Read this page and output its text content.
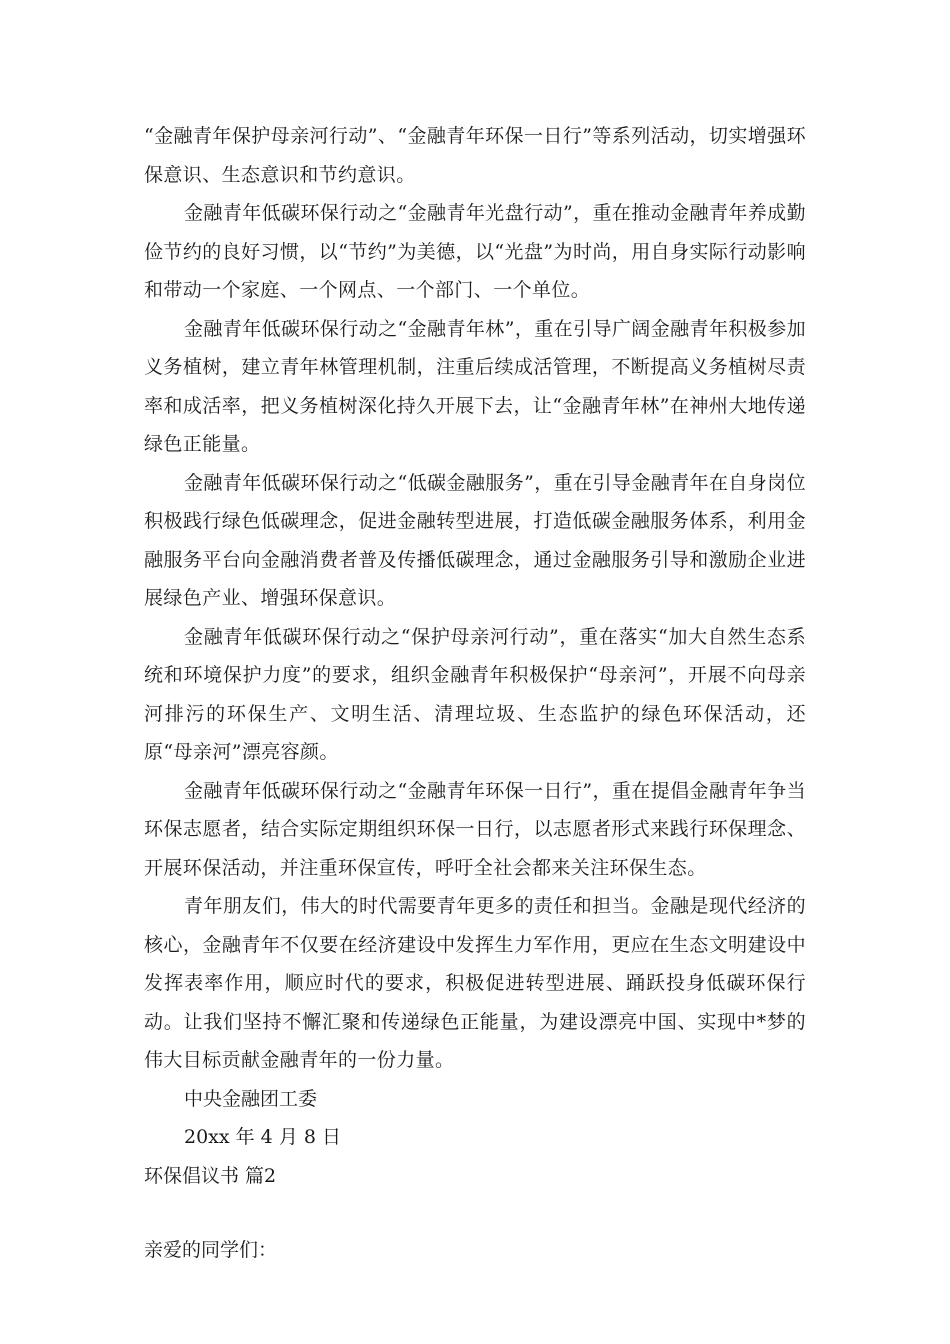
“金融青年保护母亲河行动”、“金融青年环保一日行”等系列活动，切实增强环保意识、生态意识和节约意识。

金融青年低碳环保行动之“金融青年光盘行动”，重在推动金融青年养成勤俭节约的良好习惯，以“节约”为美德，以“光盘”为时尚，用自身实际行动影响和带动一个家庭、一个网点、一个部门、一个单位。

金融青年低碳环保行动之“金融青年林”，重在引导广阔金融青年积极参加义务植树，建立青年林管理机制，注重后续成活管理，不断提高义务植树尽责率和成活率，把义务植树深化持久开展下去，让“金融青年林”在神州大地传递绿色正能量。

金融青年低碳环保行动之“低碳金融服务”，重在引导金融青年在自身岗位积极践行绿色低碳理念，促进金融转型进展，打造低碳金融服务体系，利用金融服务平台向金融消费者普及传播低碳理念，通过金融服务引导和激励企业进展绿色产业、增强环保意识。

金融青年低碳环保行动之“保护母亲河行动”，重在落实“加大自然生态系统和环境保护力度”的要求，组织金融青年积极保护“母亲河”，开展不向母亲河排污的环保生产、文明生活、清理垃圾、生态监护的绿色环保活动，还原“母亲河”漂亮容颜。

金融青年低碳环保行动之“金融青年环保一日行”，重在提倡金融青年争当环保志愿者，结合实际定期组织环保一日行，以志愿者形式来践行环保理念、开展环保活动，并注重环保宣传，呼吁全社会都来关注环保生态。

青年朋友们，伟大的时代需要青年更多的责任和担当。金融是现代经济的核心，金融青年不仅要在经济建设中发挥生力军作用，更应在生态文明建设中发挥表率作用，顺应时代的要求，积极促进转型进展、踊跃投身低碳环保行动。让我们坚持不懈汇聚和传递绿色正能量，为建设漂亮中国、实现中*梦的伟大目标贡献金融青年的一份力量。

中央金融团工委

20xx 年 4 月 8 日

环保倡议书 篇2

亲爱的同学们：
